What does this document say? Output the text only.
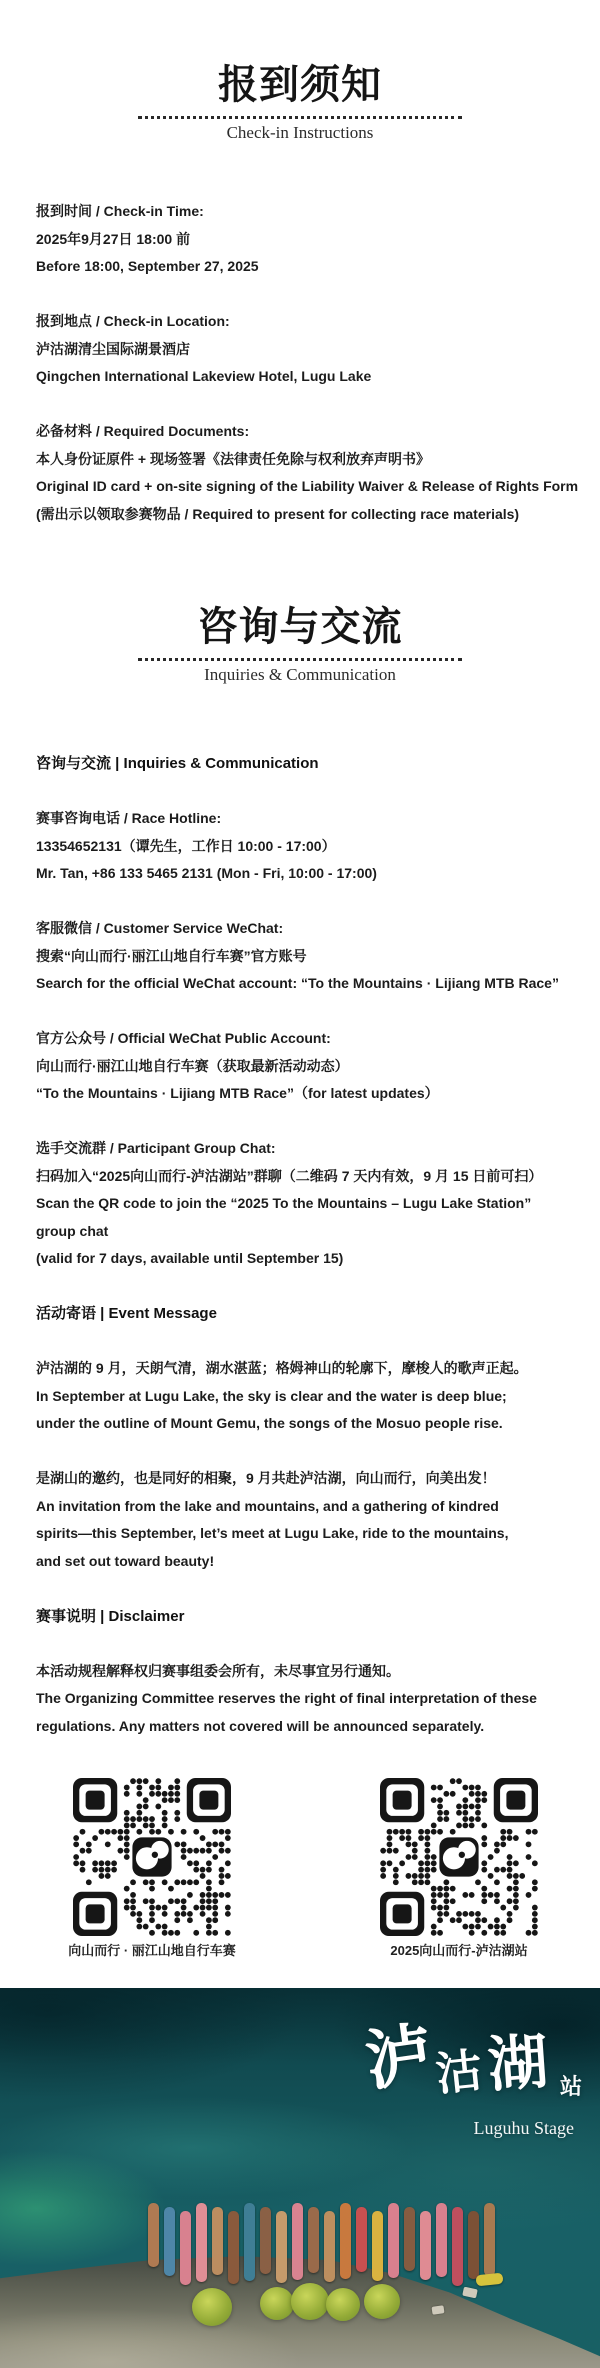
报到须知
Check-in Instructions
报到时间 / Check-in Time:
2025年9月27日 18:00 前
Before 18:00, September 27, 2025
报到地点 / Check-in Location:
泸沽湖清尘国际湖景酒店
Qingchen International Lakeview Hotel, Lugu Lake
必备材料 / Required Documents:
本人身份证原件 + 现场签署《法律责任免除与权利放弃声明书》
Original ID card + on-site signing of the Liability Waiver & Release of Rights Form
(需出示以领取参赛物品 / Required to present for collecting race materials)
咨询与交流
Inquiries & Communication
咨询与交流 | Inquiries & Communication
赛事咨询电话 / Race Hotline:
13354652131（谭先生，工作日 10:00 - 17:00）
Mr. Tan, +86 133 5465 2131 (Mon - Fri, 10:00 - 17:00)
客服微信 / Customer Service WeChat:
搜索“向山而行·丽江山地自行车赛”官方账号
Search for the official WeChat account: “To the Mountains · Lijiang MTB Race”
官方公众号 / Official WeChat Public Account:
向山而行·丽江山地自行车赛（获取最新活动动态）
“To the Mountains · Lijiang MTB Race”（for latest updates）
选手交流群 / Participant Group Chat:
扫码加入“2025向山而行-泸沽湖站”群聊（二维码 7 天内有效，9 月 15 日前可扫）
Scan the QR code to join the “2025 To the Mountains – Lugu Lake Station”
group chat
(valid for 7 days, available until September 15)
活动寄语 | Event Message
泸沽湖的 9 月，天朗气清，湖水湛蓝；格姆神山的轮廓下，摩梭人的歌声正起。
In September at Lugu Lake, the sky is clear and the water is deep blue;
under the outline of Mount Gemu, the songs of the Mosuo people rise.
是湖山的邀约，也是同好的相聚，9 月共赴泸沽湖，向山而行，向美出发！
An invitation from the lake and mountains, and a gathering of kindred
spirits—this September, let’s meet at Lugu Lake, ride to the mountains,
and set out toward beauty!
赛事说明 | Disclaimer
本活动规程解释权归赛事组委会所有，未尽事宜另行通知。
The Organizing Committee reserves the right of final interpretation of these
regulations. Any matters not covered will be announced separately.
向山而行 · 丽江山地自行车赛	2025向山而行-泸沽湖站
泸
沽 湖 站
Luguhu Stage
